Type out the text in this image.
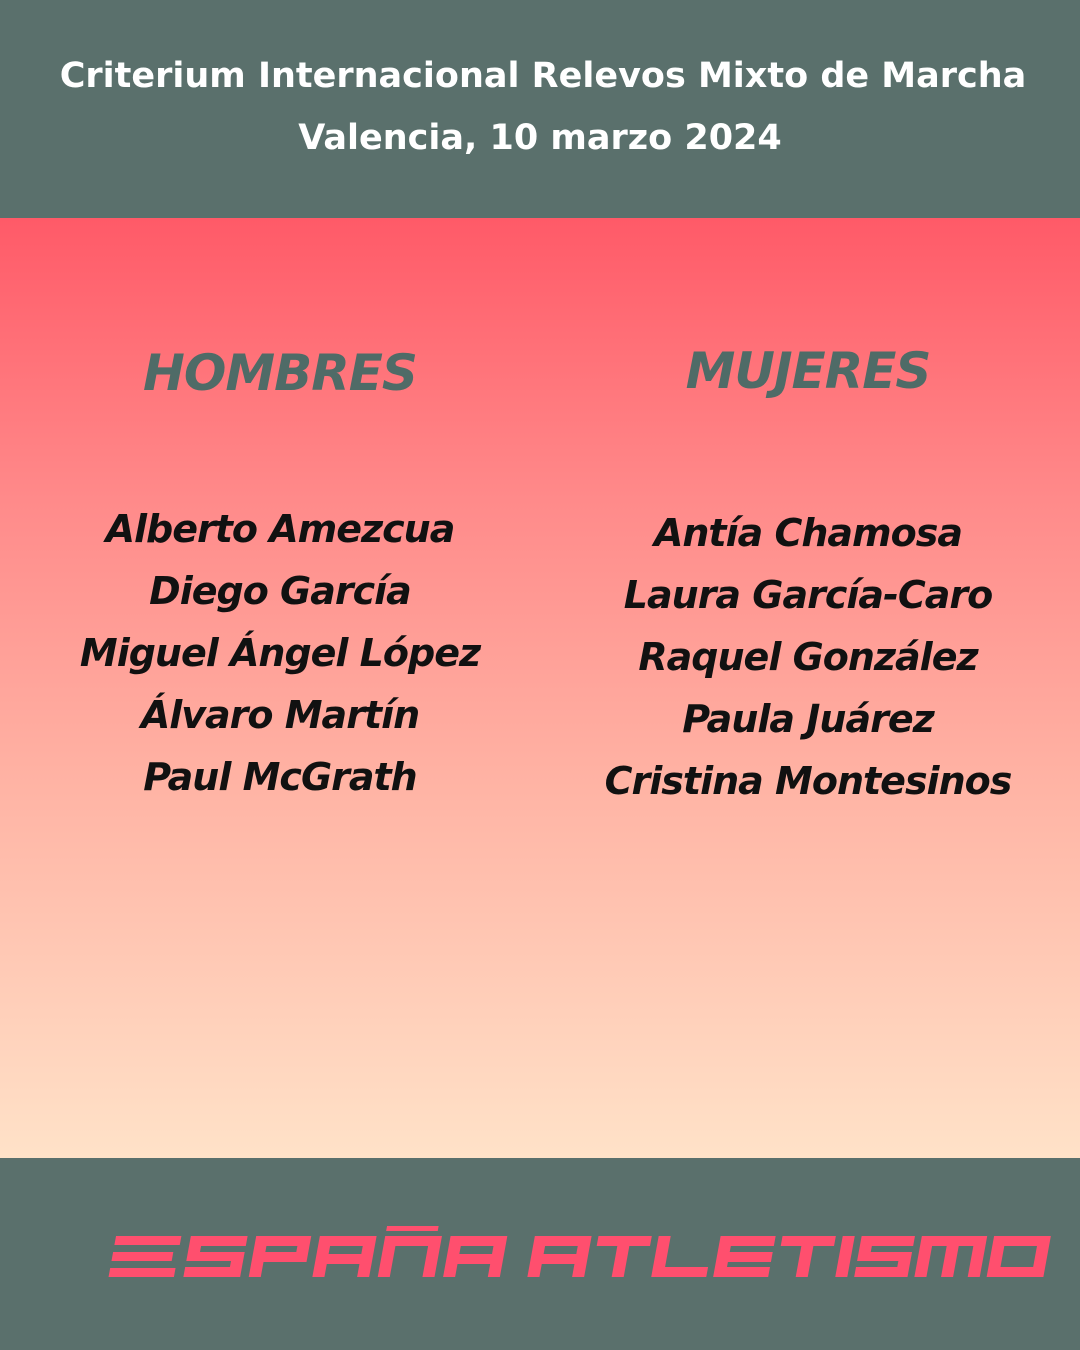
Criterium Internacional Relevos Mixto de Marcha
Valencia, 10 marzo 2024
HOMBRES
Alberto Amezcua
Diego García
Miguel Ángel López
Álvaro Martín
Paul McGrath
MUJERES
Antía Chamosa
Laura García-Caro
Raquel González
Paula Juárez
Cristina Montesinos
